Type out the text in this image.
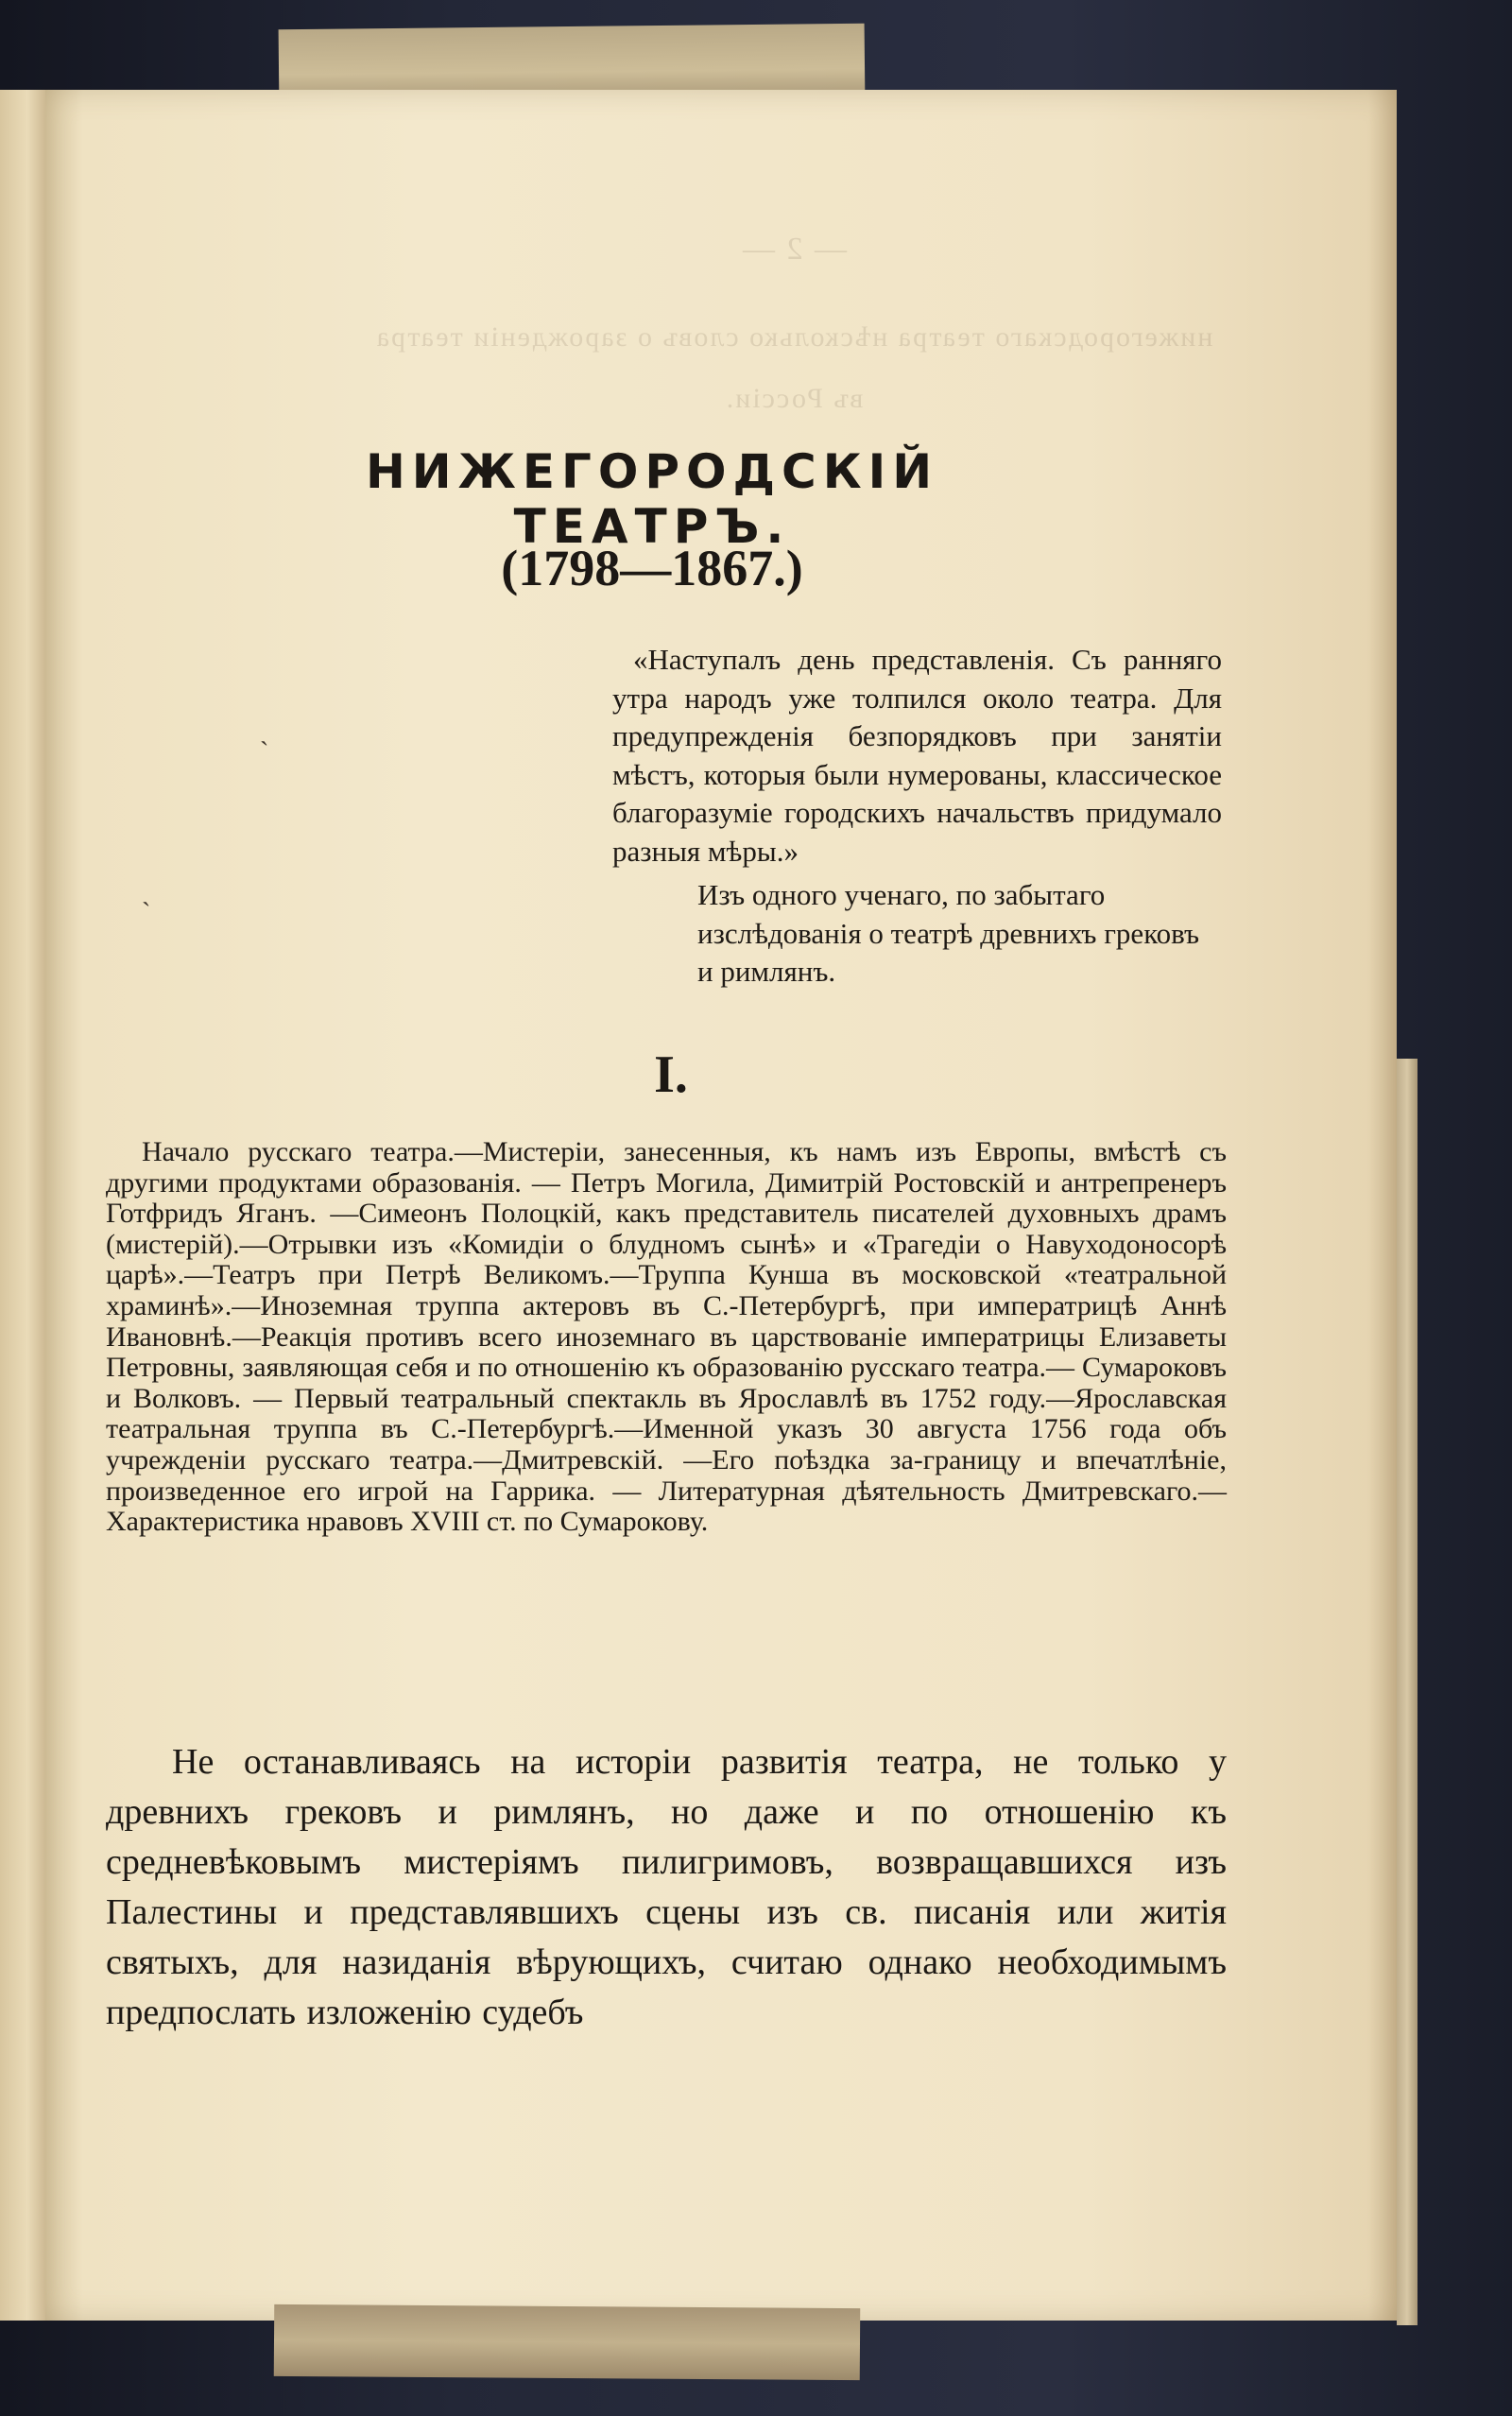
— 2 —
нижегородскаго театра нѣсколько словъ о зарожденіи театра
въ Россіи.
НИЖЕГОРОДСКІЙ ТЕАТРЪ.
(1798—1867.)

«Наступалъ день представленія. Съ ранняго утра народъ уже толпился около театра. Для предупрежденія безпорядковъ при занятіи мѣстъ, которыя были нумерованы, классическое благоразуміе городскихъ начальствъ придумало разныя мѣры.»

Изъ одного ученаго, по забытаго изслѣдованія о театрѣ древнихъ грековъ и римлянъ.

I.

Начало русскаго театра.—Мистеріи, занесенныя, къ намъ изъ Европы, вмѣстѣ съ другими продуктами образованія. — Петръ Могила, Димитрій Ростовскій и антрепренеръ Готфридъ Яганъ. —Симеонъ Полоцкій, какъ представитель писателей духовныхъ драмъ (мистерій).—Отрывки изъ «Комидіи о блудномъ сынѣ» и «Трагедіи о Навуходоносорѣ царѣ».—Театръ при Петрѣ Великомъ.—Труппа Кунша въ московской «театральной храминѣ».—Иноземная труппа актеровъ въ С.-Петербургѣ, при императрицѣ Аннѣ Ивановнѣ.—Реакція противъ всего иноземнаго въ царствованіе императрицы Елизаветы Петровны, заявляющая себя и по отношенію къ образованію русскаго театра.— Сумароковъ и Волковъ. — Первый театральный спектакль въ Ярославлѣ въ 1752 году.—Ярославская театральная труппа въ С.-Петербургѣ.—Именной указъ 30 августа 1756 года объ учрежденіи русскаго театра.—Дмитревскій. —Его поѣздка за-границу и впечатлѣніе, произведенное его игрой на Гаррика. — Литературная дѣятельность Дмитревскаго.—Характеристика нравовъ XVIII ст. по Сумарокову.

Не останавливаясь на исторіи развитія театра, не только у древнихъ грековъ и римлянъ, но даже и по отношенію къ средневѣковымъ мистеріямъ пилигримовъ, возвращавшихся изъ Палестины и представлявшихъ сцены изъ св. писанія или житія святыхъ, для назиданія вѣрующихъ, считаю однако необходимымъ предпослать изложенію судебъ

ˋ
ˋ
